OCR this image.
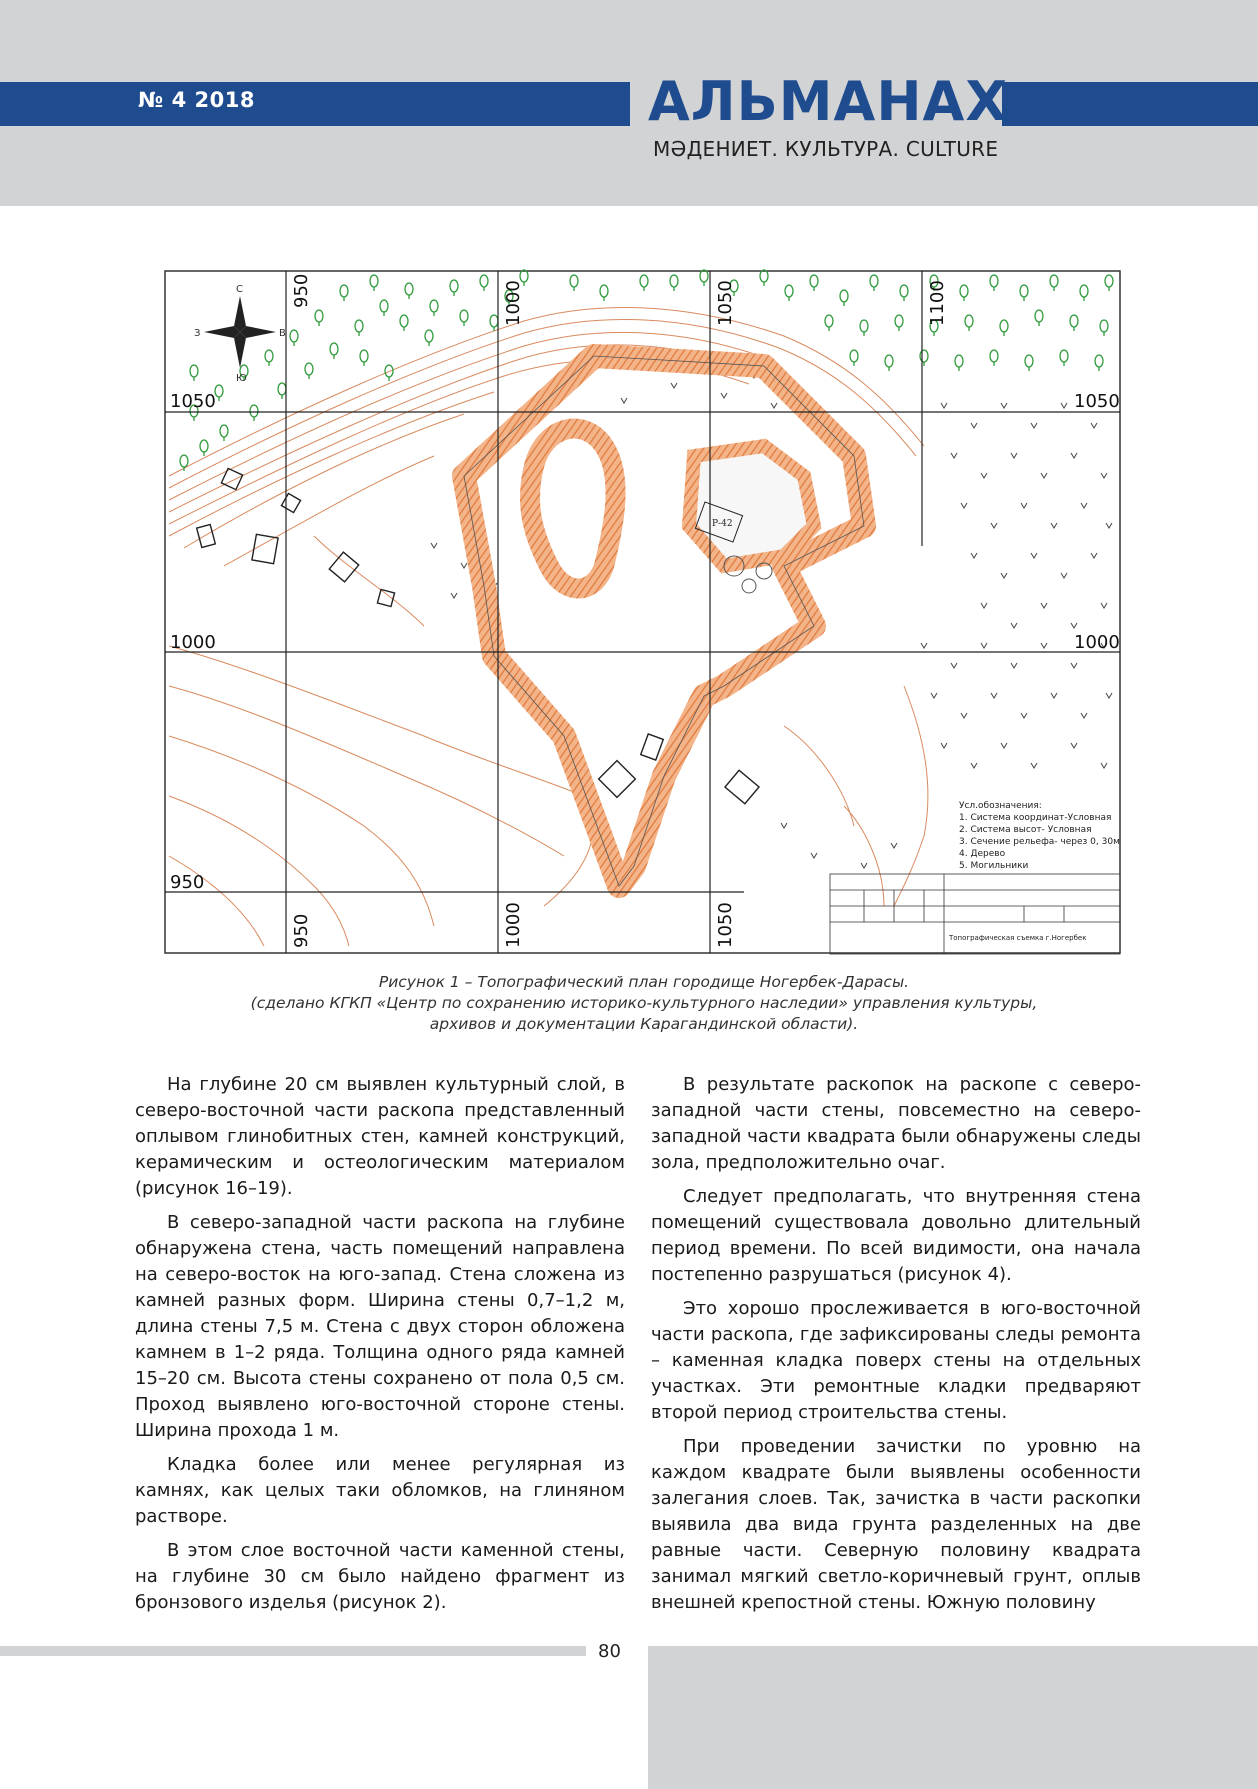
№ 4 2018	АЛЬМАНАХ
МӘДЕНИЕТ. КУЛЬТУРА. CULTURE
Р-42
950	1000	1050	1100
950	1000	1050
1050
1000
950
1050
1000
С
Ю
З	В
Усл.обозначения:
1. Система координат-Условная
2. Система высот- Условная
3. Сечение рельефа- через 0, 30м
4. Дерево
5. Могильники
Топографическая съемка г.Ногербек
Рисунок 1 – Топографический план городище Ногербек-Дарасы.
(сделано КГКП «Центр по сохранению историко-культурного наследии» управления культуры,
архивов и документации Карагандинской области).

На глубине 20 см выявлен культурный слой, в северо-восточной части раскопа представленный оплывом глинобитных стен, камней конструкций, керамическим и остеологическим материалом (рисунок 16–19).

В северо-западной части раскопа на глубине обнаружена стена, часть помещений направлена на северо-восток на юго-запад. Стена сложена из камней разных форм. Ширина стены 0,7–1,2 м, длина стены 7,5 м. Стена с двух сторон обложена камнем в 1–2 ряда. Толщина одного ряда камней 15–20 см. Высота стены сохранено от пола 0,5 см. Проход выявлено юго-восточной стороне стены. Ширина прохода 1 м.

Кладка более или менее регулярная из камнях, как целых таки обломков, на глиняном растворе.

В этом слое восточной части каменной стены, на глубине 30 см было найдено фрагмент из бронзового изделья (рисунок 2).

В результате раскопок на раскопе с северо-западной части стены, повсеместно на северо-западной части квадрата были обнаружены следы зола, предположительно очаг.

Следует предполагать, что внутренняя стена помещений существовала довольно длительный период времени. По всей видимости, она начала постепенно разрушаться (рисунок 4).

Это хорошо прослеживается в юго-восточной части раскопа, где зафиксированы следы ремонта – каменная кладка поверх стены на отдельных участках. Эти ремонтные кладки предваряют второй период строительства стены.

При проведении зачистки по уровню на каждом квадрате были выявлены особенности залегания слоев. Так, зачистка в части раскопки выявила два вида грунта разделенных на две равные части. Северную половину квадрата занимал мягкий светло-коричневый грунт, оплыв внешней крепостной стены. Южную половину

80
